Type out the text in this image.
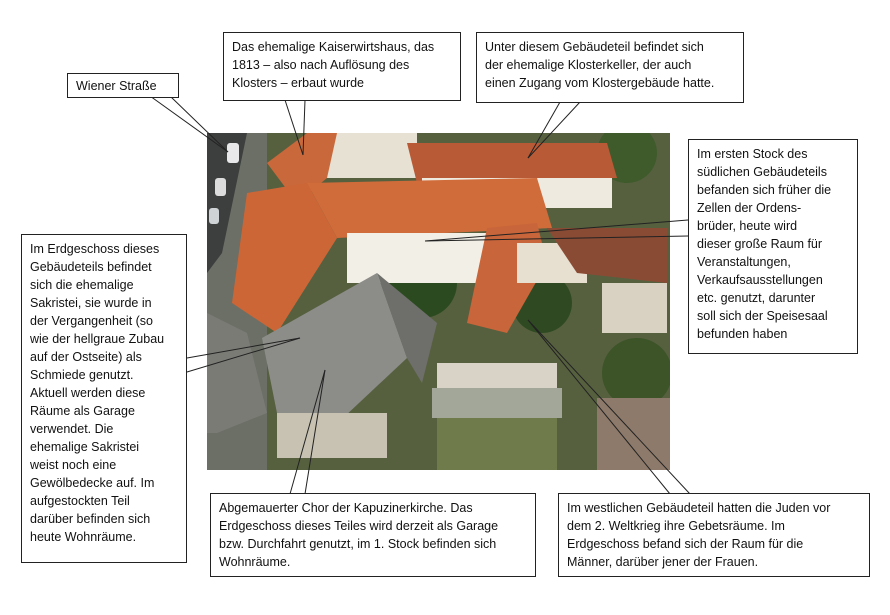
Wiener Straße
Das ehemalige Kaiserwirtshaus, das
1813 – also nach Auflösung des
Klosters – erbaut wurde
Unter diesem Gebäudeteil befindet sich
der ehemalige Klosterkeller, der auch
einen Zugang vom Klostergebäude hatte.
Im ersten Stock des
südlichen Gebäudeteils
befanden sich früher die
Zellen der Ordens-
brüder, heute wird
dieser große Raum für
Veranstaltungen,
Verkaufsausstellungen
etc. genutzt, darunter
soll sich der Speisesaal
befunden haben
Im Erdgeschoss dieses
Gebäudeteils befindet
sich die ehemalige
Sakristei, sie wurde in
der Vergangenheit (so
wie der hellgraue Zubau
auf der Ostseite) als
Schmiede genutzt.
Aktuell werden diese
Räume als Garage
verwendet. Die
ehemalige Sakristei
weist noch eine
Gewölbedecke auf. Im
aufgestockten Teil
darüber befinden sich
heute Wohnräume.
Abgemauerter Chor der Kapuzinerkirche. Das
Erdgeschoss dieses Teiles wird derzeit als Garage
bzw. Durchfahrt genutzt, im 1. Stock befinden sich
Wohnräume.
Im westlichen Gebäudeteil hatten die Juden vor
dem 2. Weltkrieg ihre Gebetsräume. Im
Erdgeschoss befand sich der Raum für die
Männer, darüber jener der Frauen.
